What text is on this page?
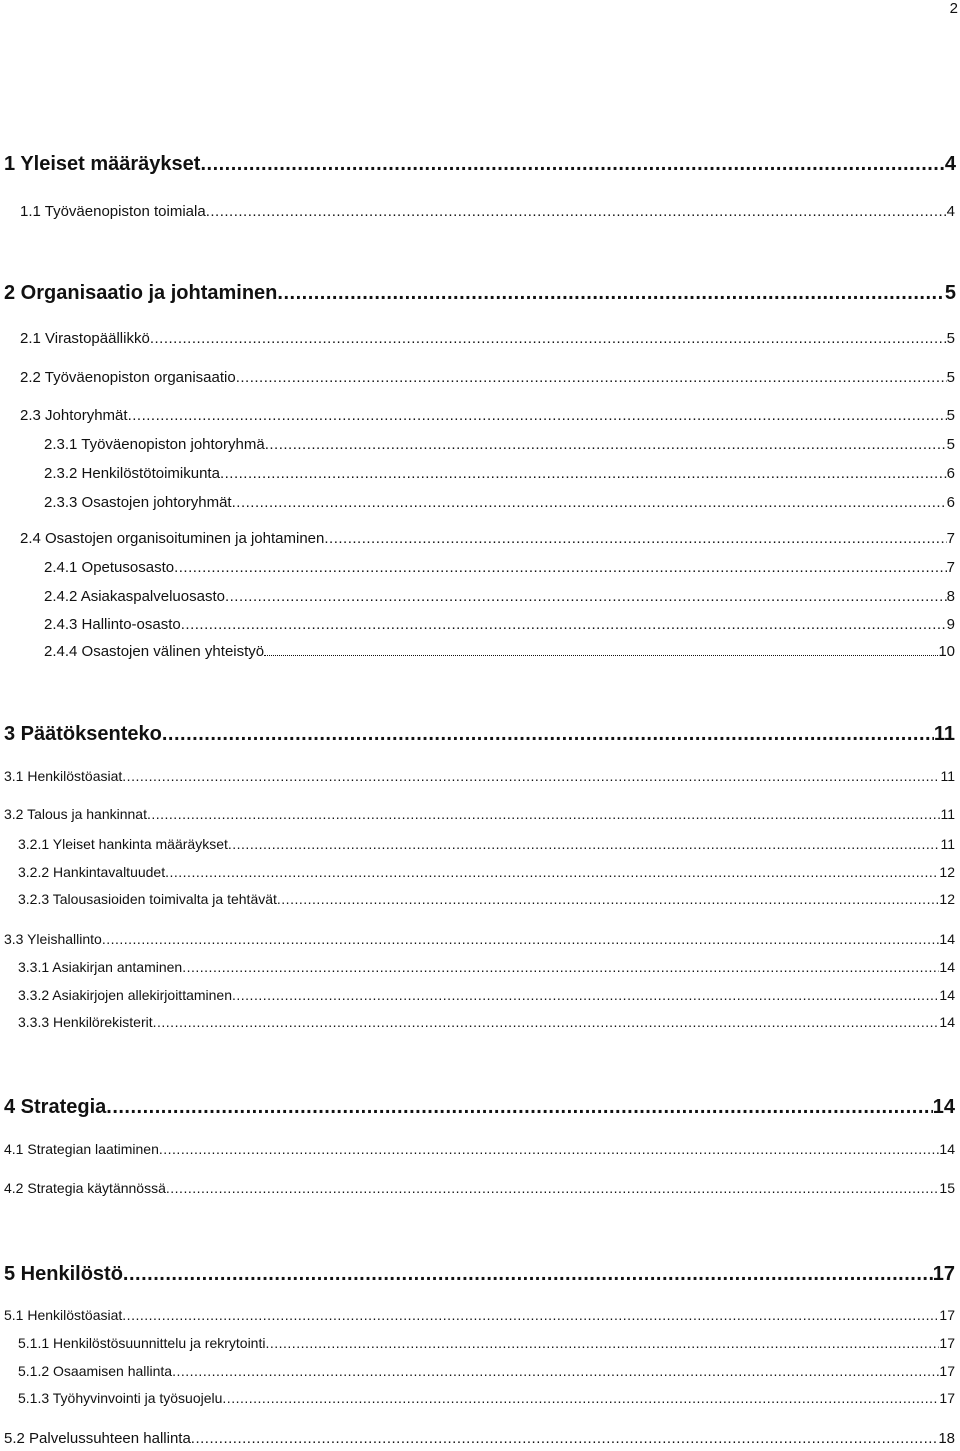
2
1 Yleiset määräykset .....	4
1.1 Työväenopiston toimiala .....	4
2 Organisaatio ja johtaminen .....	5
2.1 Virastopäällikkö .....	5
2.2 Työväenopiston organisaatio .....	5
2.3 Johtoryhmät .....	5
2.3.1 Työväenopiston johtoryhmä .....	5
2.3.2 Henkilöstötoimikunta .....	6
2.3.3 Osastojen johtoryhmät .....	6
2.4 Osastojen organisoituminen ja johtaminen .....	7
2.4.1 Opetusosasto .....	7
2.4.2 Asiakaspalveluosasto .....	8
2.4.3 Hallinto-osasto .....	9
2.4.4 Osastojen välinen yhteistyö	10
3 Päätöksenteko .....	11
3.1 Henkilöstöasiat .....	11
3.2 Talous ja hankinnat .....	11
3.2.1 Yleiset hankinta määräykset .....	11
3.2.2 Hankintavaltuudet .....	12
3.2.3 Talousasioiden toimivalta ja tehtävät .....	12
3.3 Yleishallinto .....	14
3.3.1 Asiakirjan antaminen .....	14
3.3.2 Asiakirjojen allekirjoittaminen .....	14
3.3.3 Henkilörekisterit .....	14
4 Strategia .....	14
4.1 Strategian laatiminen .....	14
4.2 Strategia käytännössä .....	15
5 Henkilöstö .....	17
5.1 Henkilöstöasiat .....	17
5.1.1 Henkilöstösuunnittelu ja rekrytointi .....	17
5.1.2 Osaamisen hallinta .....	17
5.1.3 Työhyvinvointi ja työsuojelu .....	17
5.2 Palvelussuhteen hallinta .....	18
